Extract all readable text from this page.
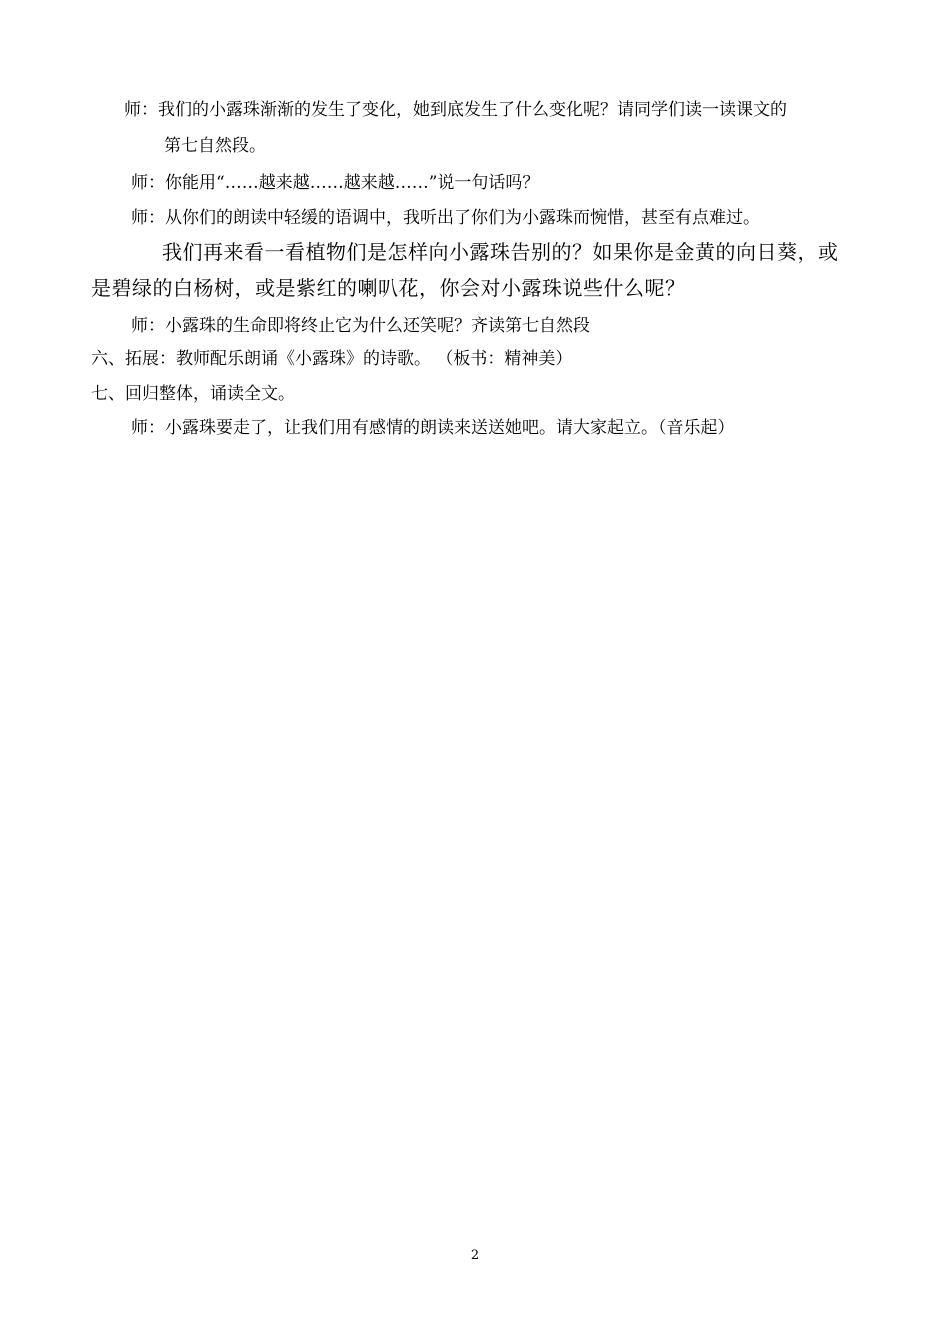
师：我们的小露珠渐渐的发生了变化，她到底发生了什么变化呢？请同学们读一读课文的
第七自然段。
师：你能用“……越来越……越来越……”说一句话吗？
师：从你们的朗读中轻缓的语调中，我听出了你们为小露珠而惋惜，甚至有点难过。
我们再来看一看植物们是怎样向小露珠告别的？如果你是金黄的向日葵，或
是碧绿的白杨树，或是紫红的喇叭花，你会对小露珠说些什么呢？
师：小露珠的生命即将终止它为什么还笑呢？齐读第七自然段
六、拓展：教师配乐朗诵《小露珠》的诗歌。 （板书：精神美）
七、回归整体，诵读全文。
师：小露珠要走了，让我们用有感情的朗读来送送她吧。请大家起立。（音乐起）
2
